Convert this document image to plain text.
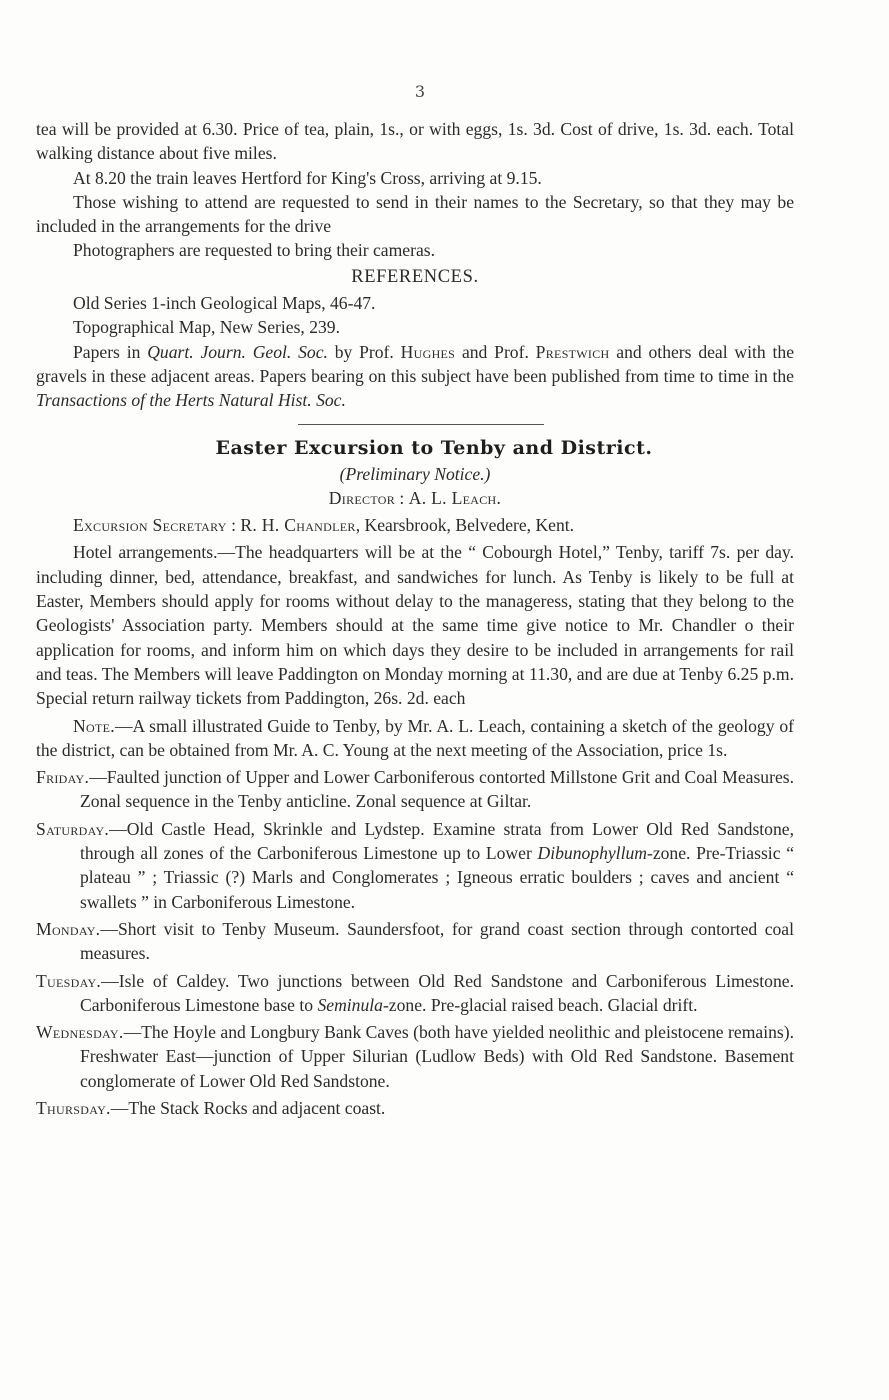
3

tea will be provided at 6.30. Price of tea, plain, 1s., or with eggs, 1s. 3d. Cost of drive, 1s. 3d. each. Total walking distance about five miles.

At 8.20 the train leaves Hertford for King's Cross, arriving at 9.15.

Those wishing to attend are requested to send in their names to the Secretary, so that they may be included in the arrangements for the drive

Photographers are requested to bring their cameras.

REFERENCES.

Old Series 1-inch Geological Maps, 46-47.

Topographical Map, New Series, 239.

Papers in Quart. Journ. Geol. Soc. by Prof. Hughes and Prof. Prestwich and others deal with the gravels in these adjacent areas. Papers bearing on this subject have been published from time to time in the Transactions of the Herts Natural Hist. Soc.

Easter Excursion to Tenby and District.

(Preliminary Notice.)

Director : A. L. Leach.

Excursion Secretary : R. H. Chandler, Kearsbrook, Belvedere, Kent.

Hotel arrangements.—The headquarters will be at the “ Cobourgh Hotel,” Tenby, tariff 7s. per day. including dinner, bed, attendance, breakfast, and sandwiches for lunch. As Tenby is likely to be full at Easter, Members should apply for rooms without delay to the manageress, stating that they belong to the Geologists' Association party. Members should at the same time give notice to Mr. Chandler o their application for rooms, and inform him on which days they desire to be included in arrangements for rail and teas. The Members will leave Paddington on Monday morning at 11.30, and are due at Tenby 6.25 p.m. Special return railway tickets from Paddington, 26s. 2d. each

Note.—A small illustrated Guide to Tenby, by Mr. A. L. Leach, containing a sketch of the geology of the district, can be obtained from Mr. A. C. Young at the next meeting of the Association, price 1s.

Friday.—Faulted junction of Upper and Lower Carboniferous contorted Millstone Grit and Coal Measures. Zonal sequence in the Tenby anticline. Zonal sequence at Giltar.

Saturday.—Old Castle Head, Skrinkle and Lydstep. Examine strata from Lower Old Red Sandstone, through all zones of the Carboniferous Limestone up to Lower Dibunophyllum-zone. Pre-Triassic “ plateau ” ; Triassic (?) Marls and Conglomerates ; Igneous erratic boulders ; caves and ancient “ swallets ” in Carboniferous Limestone.

Monday.—Short visit to Tenby Museum. Saundersfoot, for grand coast section through contorted coal measures.

Tuesday.—Isle of Caldey. Two junctions between Old Red Sandstone and Carboniferous Limestone. Carboniferous Limestone base to Seminula-zone. Pre-glacial raised beach. Glacial drift.

Wednesday.—The Hoyle and Longbury Bank Caves (both have yielded neolithic and pleistocene remains). Freshwater East—junction of Upper Silurian (Ludlow Beds) with Old Red Sandstone. Basement conglomerate of Lower Old Red Sandstone.

Thursday.—The Stack Rocks and adjacent coast.
